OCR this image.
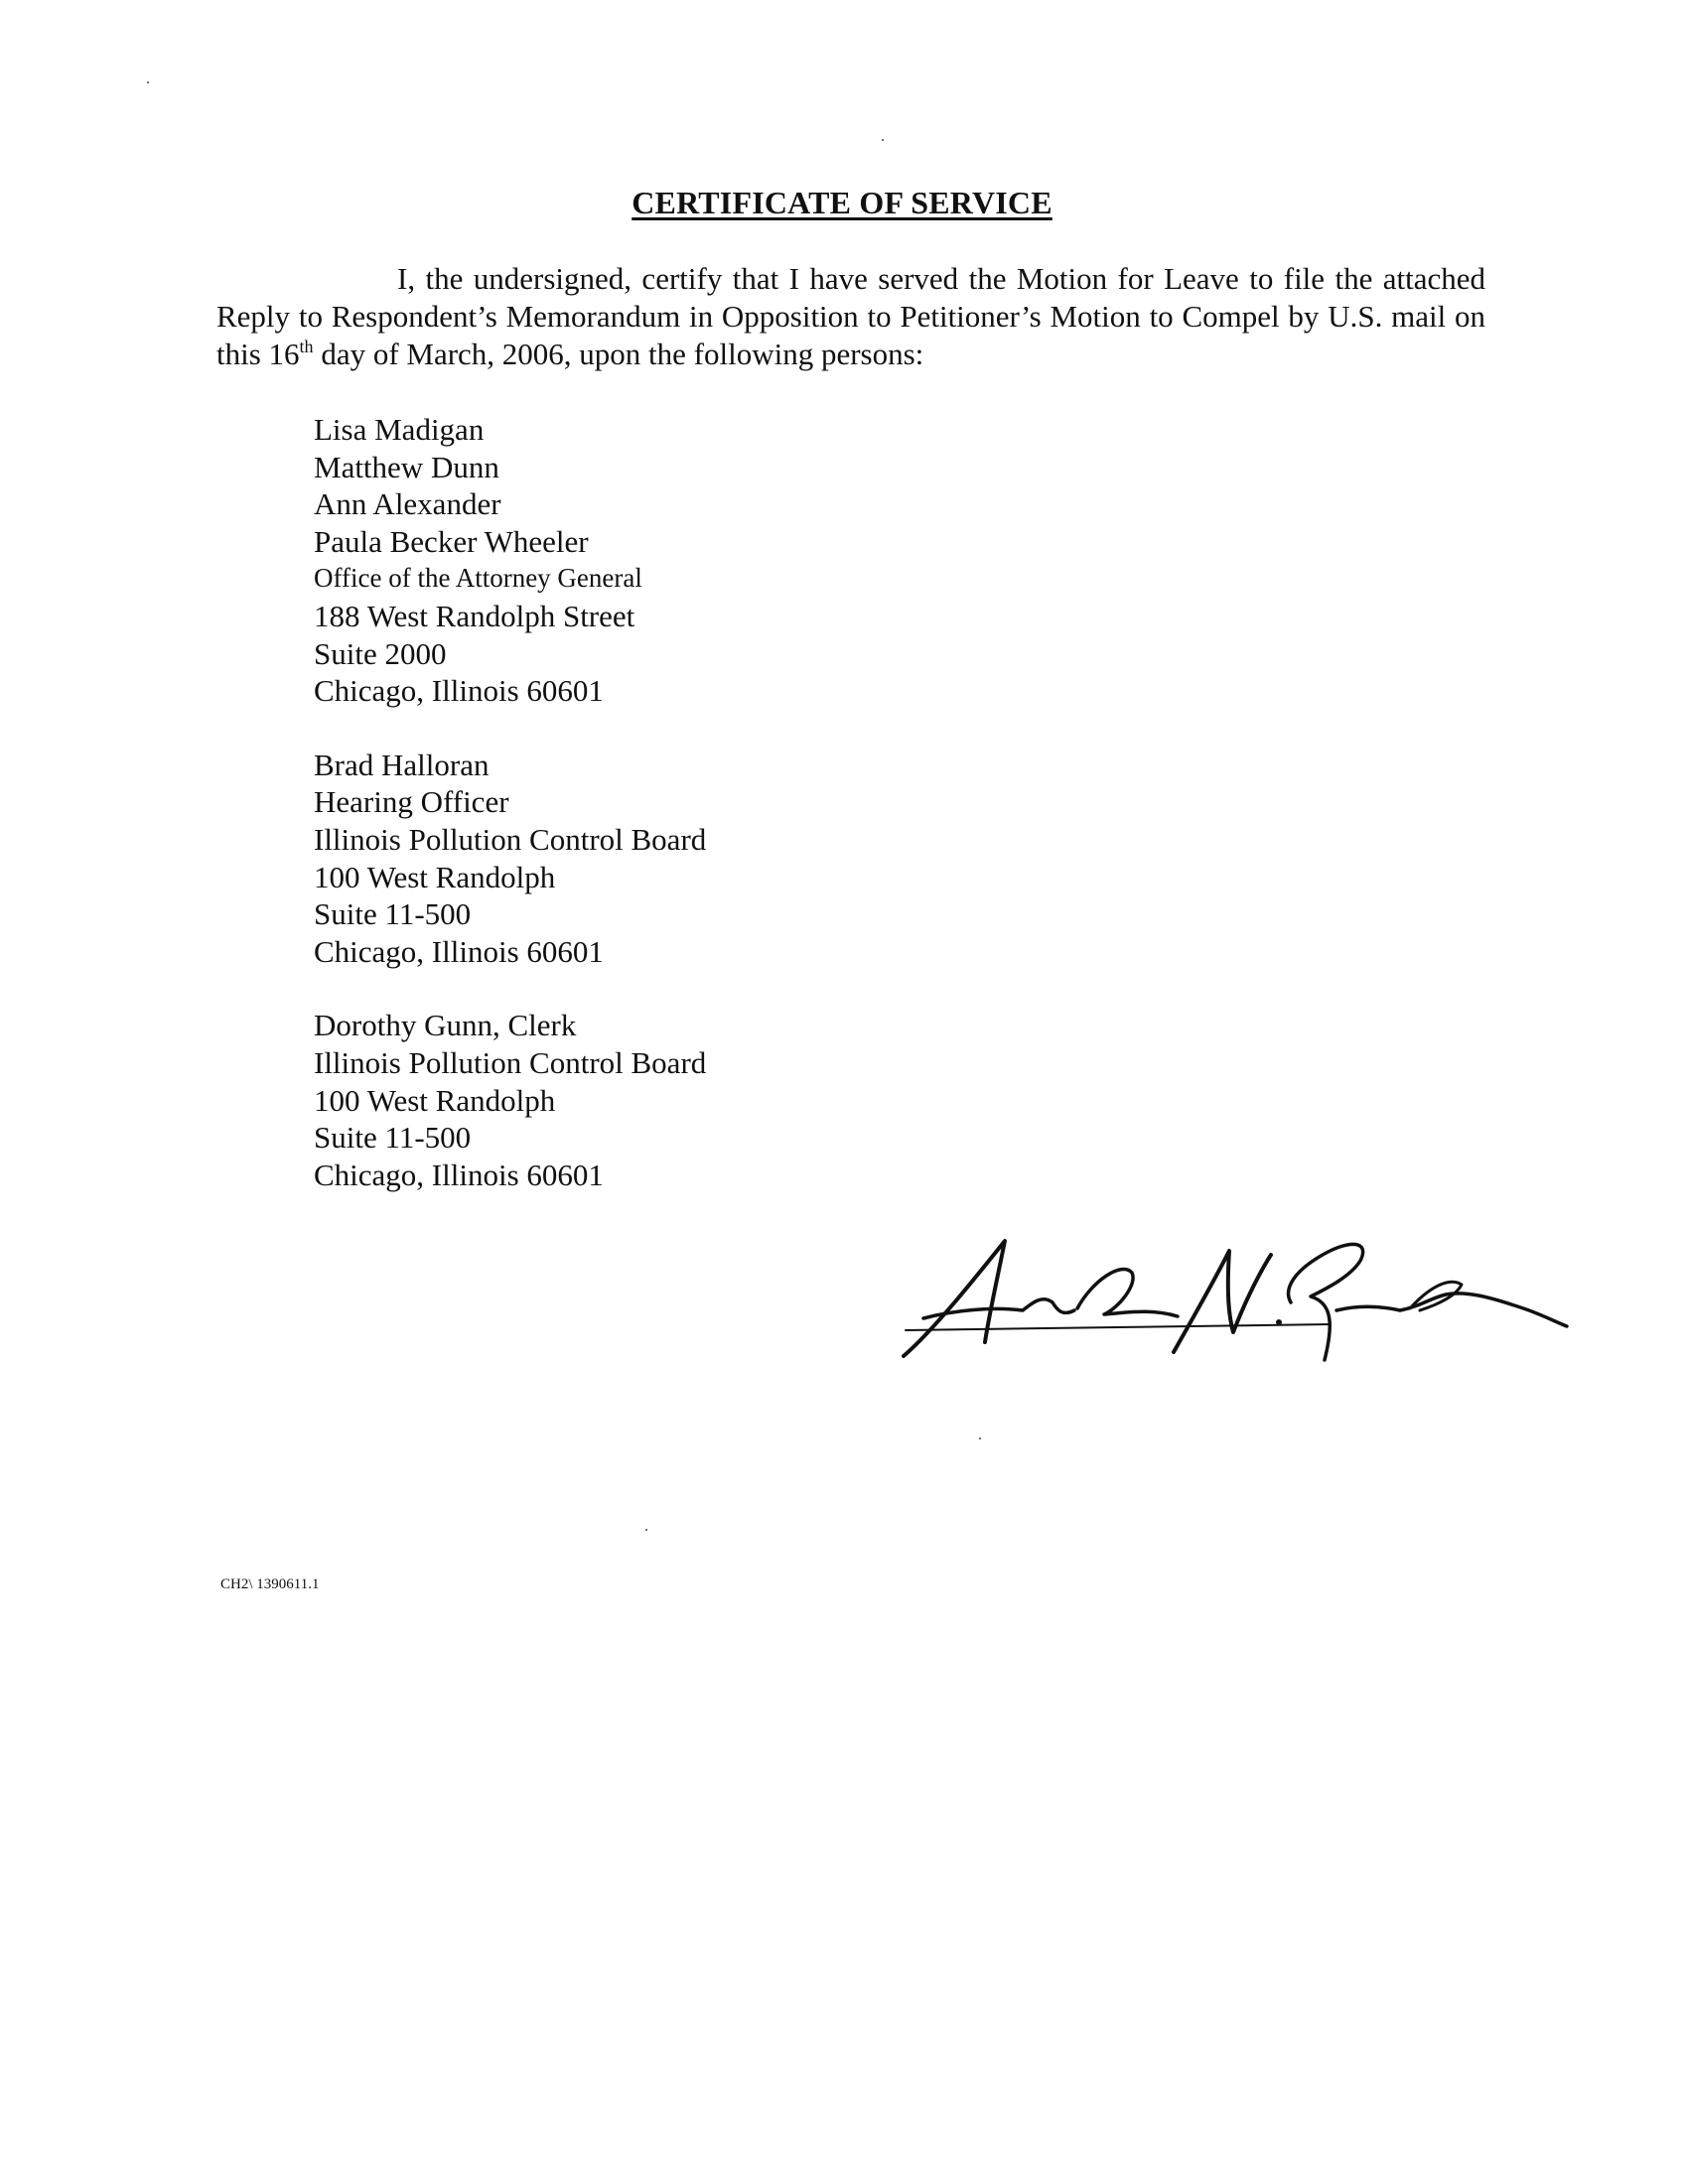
CERTIFICATE OF SERVICE
I, the undersigned, certify that I have served the Motion for Leave to file the attached Reply to Respondent’s Memorandum in Opposition to Petitioner’s Motion to Compel by U.S. mail on this 16th day of March, 2006, upon the following persons:
Lisa Madigan
Matthew Dunn
Ann Alexander
Paula Becker Wheeler
Office of the Attorney General
188 West Randolph Street
Suite 2000
Chicago, Illinois 60601
Brad Halloran
Hearing Officer
Illinois Pollution Control Board
100 West Randolph
Suite 11-500
Chicago, Illinois 60601
Dorothy Gunn, Clerk
Illinois Pollution Control Board
100 West Randolph
Suite 11-500
Chicago, Illinois 60601
CH2\ 1390611.1
